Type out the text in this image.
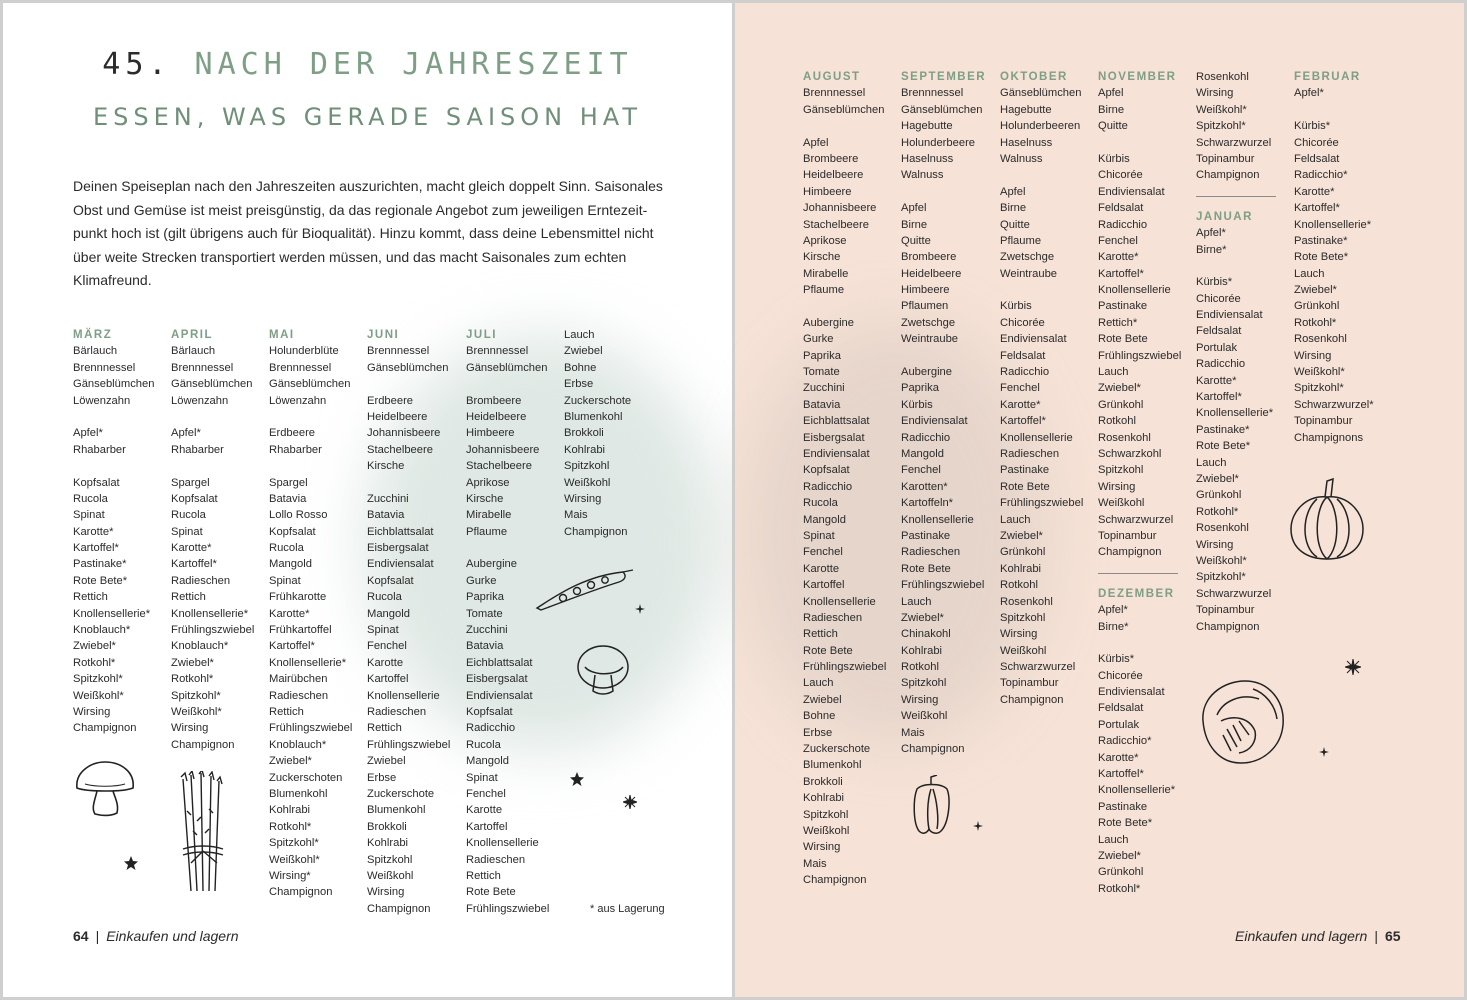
45. NACH DER JAHRESZEIT
ESSEN, WAS GERADE SAISON HAT
Deinen Speiseplan nach den Jahreszeiten auszurichten, macht gleich doppelt Sinn. Saisonales Obst und Gemüse ist meist preisgünstig, da das regionale Angebot zum jeweiligen Erntezeit-punkt hoch ist (gilt übrigens auch für Bioqualität). Hinzu kommt, dass deine Lebensmittel nicht über weite Strecken transportiert werden müssen, und das macht Saisonales zum echten Klimafreund.
MÄRZ
Bärlauch
Brennnessel
Gänseblümchen
Löwenzahn
Apfel*
Rhabarber
Kopfsalat
Rucola
Spinat
Karotte*
Kartoffel*
Pastinake*
Rote Bete*
Rettich
Knollensellerie*
Knoblauch*
Zwiebel*
Rotkohl*
Spitzkohl*
Weißkohl*
Wirsing
Champignon
APRIL
Bärlauch
Brennnessel
Gänseblümchen
Löwenzahn
Apfel*
Rhabarber
Spargel
Kopfsalat
Rucola
Spinat
Karotte*
Kartoffel*
Radieschen
Rettich
Knollensellerie*
Frühlingszwiebel
Knoblauch*
Zwiebel*
Rotkohl*
Spitzkohl*
Weißkohl*
Wirsing
Champignon
MAI
Holunderblüte
Brennnessel
Gänseblümchen
Löwenzahn
Erdbeere
Rhabarber
Spargel
Batavia
Lollo Rosso
Kopfsalat
Rucola
Mangold
Spinat
Frühkarotte
Karotte*
Frühkartoffel
Kartoffel*
Knollensellerie*
Mairübchen
Radieschen
Rettich
Frühlingszwiebel
Knoblauch*
Zwiebel*
Zuckerschoten
Blumenkohl
Kohlrabi
Rotkohl*
Spitzkohl*
Weißkohl*
Wirsing*
Champignon
JUNI
Brennnessel
Gänseblümchen
Erdbeere
Heidelbeere
Johannisbeere
Stachelbeere
Kirsche
Zucchini
Batavia
Eichblattsalat
Eisbergsalat
Endiviensalat
Kopfsalat
Rucola
Mangold
Spinat
Fenchel
Karotte
Kartoffel
Knollensellerie
Radieschen
Rettich
Frühlingszwiebel
Zwiebel
Erbse
Zuckerschote
Blumenkohl
Brokkoli
Kohlrabi
Spitzkohl
Weißkohl
Wirsing
Champignon
JULI
Brennnessel
Gänseblümchen
Brombeere
Heidelbeere
Himbeere
Johannisbeere
Stachelbeere
Aprikose
Kirsche
Mirabelle
Pflaume
Aubergine
Gurke
Paprika
Tomate
Zucchini
Batavia
Eichblattsalat
Eisbergsalat
Endiviensalat
Kopfsalat
Radicchio
Rucola
Mangold
Spinat
Fenchel
Karotte
Kartoffel
Knollensellerie
Radieschen
Rettich
Rote Bete
Frühlingszwiebel
Lauch
Zwiebel
Bohne
Erbse
Zuckerschote
Blumenkohl
Brokkoli
Kohlrabi
Spitzkohl
Weißkohl
Wirsing
Mais
Champignon
* aus Lagerung
64 | Einkaufen und lagern
AUGUST
Brennnessel
Gänseblümchen
Apfel
Brombeere
Heidelbeere
Himbeere
Johannisbeere
Stachelbeere
Aprikose
Kirsche
Mirabelle
Pflaume
Aubergine
Gurke
Paprika
Tomate
Zucchini
Batavia
Eichblattsalat
Eisbergsalat
Endiviensalat
Kopfsalat
Radicchio
Rucola
Mangold
Spinat
Fenchel
Karotte
Kartoffel
Knollensellerie
Radieschen
Rettich
Rote Bete
Frühlingszwiebel
Lauch
Zwiebel
Bohne
Erbse
Zuckerschote
Blumenkohl
Brokkoli
Kohlrabi
Spitzkohl
Weißkohl
Wirsing
Mais
Champignon
SEPTEMBER
Brennnessel
Gänseblümchen
Hagebutte
Holunderbeere
Haselnuss
Walnuss
Apfel
Birne
Quitte
Brombeere
Heidelbeere
Himbeere
Pflaumen
Zwetschge
Weintraube
Aubergine
Paprika
Kürbis
Endiviensalat
Radicchio
Mangold
Fenchel
Karotten*
Kartoffeln*
Knollensellerie
Pastinake
Radieschen
Rote Bete
Frühlingszwiebel
Lauch
Zwiebel*
Chinakohl
Kohlrabi
Rotkohl
Spitzkohl
Wirsing
Weißkohl
Mais
Champignon
OKTOBER
Gänseblümchen
Hagebutte
Holunderbeeren
Haselnuss
Walnuss
Apfel
Birne
Quitte
Pflaume
Zwetschge
Weintraube
Kürbis
Chicorée
Endiviensalat
Feldsalat
Radicchio
Fenchel
Karotte*
Kartoffel*
Knollensellerie
Radieschen
Pastinake
Rote Bete
Frühlingszwiebel
Lauch
Zwiebel*
Grünkohl
Kohlrabi
Rotkohl
Rosenkohl
Spitzkohl
Wirsing
Weißkohl
Schwarzwurzel
Topinambur
Champignon
NOVEMBER
Apfel
Birne
Quitte
Kürbis
Chicorée
Endiviensalat
Feldsalat
Radicchio
Fenchel
Karotte*
Kartoffel*
Knollensellerie
Pastinake
Rettich*
Rote Bete
Frühlingszwiebel
Lauch
Zwiebel*
Grünkohl
Rotkohl
Rosenkohl
Schwarzkohl
Spitzkohl
Wirsing
Weißkohl
Schwarzwurzel
Topinambur
Champignon
DEZEMBER
Apfel*
Birne*
Kürbis*
Chicorée
Endiviensalat
Feldsalat
Portulak
Radicchio*
Karotte*
Kartoffel*
Knollensellerie*
Pastinake
Rote Bete*
Lauch
Zwiebel*
Grünkohl
Rotkohl*
Rosenkohl
Wirsing
Weißkohl*
Spitzkohl*
Schwarzwurzel
Topinambur
Champignon
JANUAR
Apfel*
Birne*
Kürbis*
Chicorée
Endiviensalat
Feldsalat
Portulak
Radicchio
Karotte*
Kartoffel*
Knollensellerie*
Pastinake*
Rote Bete*
Lauch
Zwiebel*
Grünkohl
Rotkohl*
Rosenkohl
Wirsing
Weißkohl*
Spitzkohl*
Schwarzwurzel
Topinambur
Champignon
FEBRUAR
Apfel*
Kürbis*
Chicorée
Feldsalat
Radicchio*
Karotte*
Kartoffel*
Knollensellerie*
Pastinake*
Rote Bete*
Lauch
Zwiebel*
Grünkohl
Rotkohl*
Rosenkohl
Wirsing
Weißkohl*
Spitzkohl*
Schwarzwurzel*
Topinambur
Champignons
Einkaufen und lagern | 65
